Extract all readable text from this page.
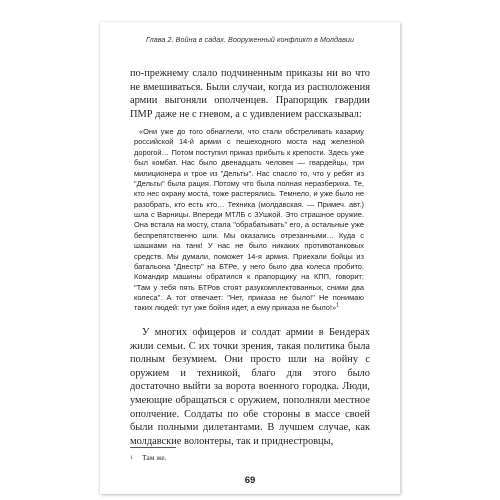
Глава 2. Война в садах. Вооруженный конфликт в Молдавии

по-прежнему слало подчиненным приказы ни во что не вмешиваться. Были случаи, когда из расположения армии выгоняли ополченцев. Прапорщик гвардии ПМР даже не с гневом, а с удивлением рассказывал:

«Они уже до того обнаглели, что стали обстреливать казарму российской 14-й армии с пешеходного моста над железной дорогой… Потом поступил приказ прибыть к крепости. Здесь уже был комбат. Нас было двенадцать человек — гвардейцы, три милиционера и трое из "Дельты". Нас спасло то, что у ребят из "Дельты" была рация. Потому что была полная неразбериха. Те, кто нес охрану моста, тоже растерялись. Темнело, и уже было не разобрать, кто есть кто… Техника (молдавская. — Примеч. авт.) шла с Варницы. Впереди МТЛБ с ЗУшкой. Это страшное оружие. Она встала на мосту, стала "обрабатывать" его, а остальные уже беспрепятственно шли. Мы оказались отрезанными… Куда с шашками на танк! У нас не было никаких противотанковых средств. Мы думали, поможет 14-я армия. Приехали бойцы из батальона "Днестр" на БТРе, у него было два колеса пробито. Командир машины обратился к прапорщику на КПП, говорит: "Там у тебя пять БТРов стоят разукомплектованных, сними два колеса". А тот отвечает: "Нет, приказа не было!" Не понимаю таких людей: тут уже бойня идет, а ему приказа не было!»$^1$

У многих офицеров и солдат армии в Бендерах жили семьи. С их точки зрения, такая политика была полным безумием. Они просто шли на войну с оружием и техникой, благо для этого было достаточно выйти за ворота военного городка. Люди, умеющие обращаться с оружием, пополняли местное ополчение. Солдаты по обе стороны в массе своей были полными дилетантами. В лучшем случае, как молдавские волонтеры, так и приднестровцы,

1 Там же.
69
